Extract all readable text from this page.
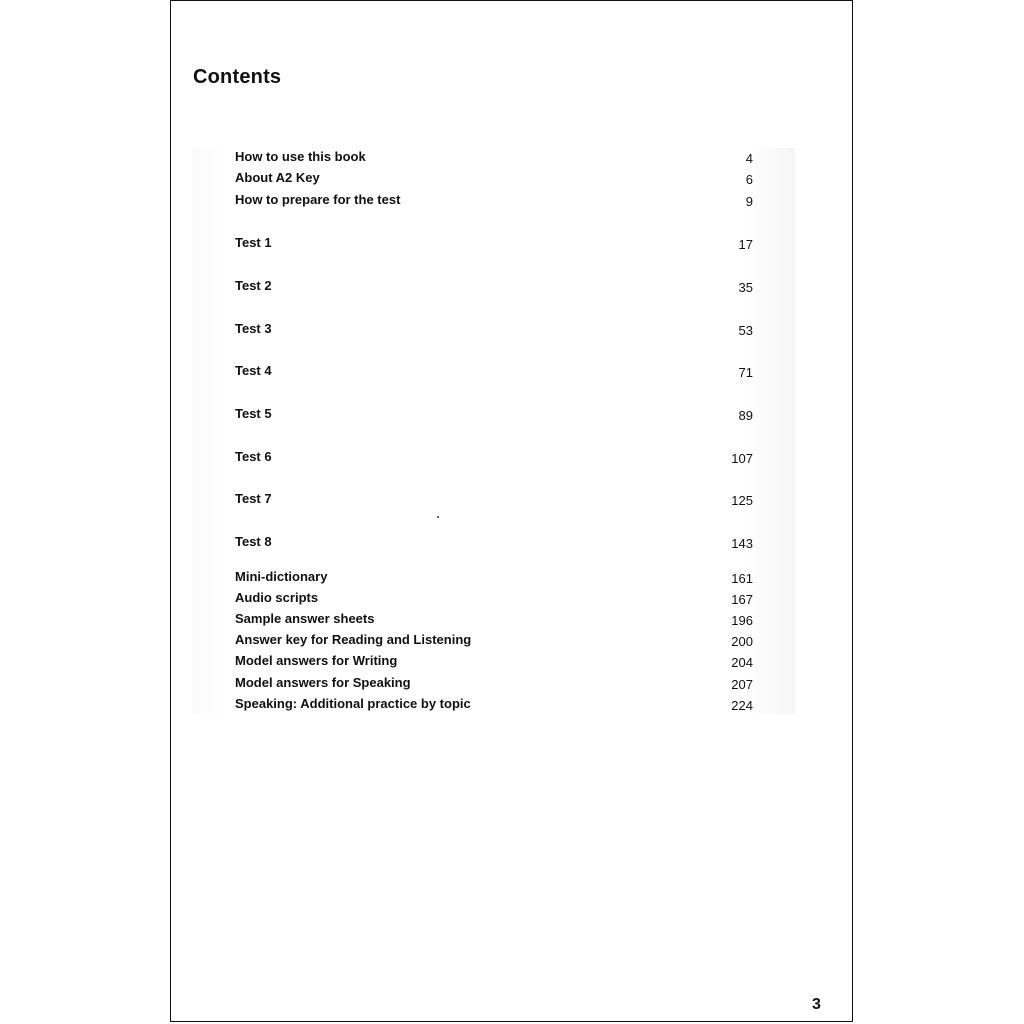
Contents
How to use this book	4
About A2 Key	6
How to prepare for the test	9
Test 1	17
Test 2	35
Test 3	53
Test 4	71
Test 5	89
Test 6	107
Test 7	125
Test 8	143
Mini-dictionary	161
Audio scripts	167
Sample answer sheets	196
Answer key for Reading and Listening	200
Model answers for Writing	204
Model answers for Speaking	207
Speaking: Additional practice by topic	224
3
